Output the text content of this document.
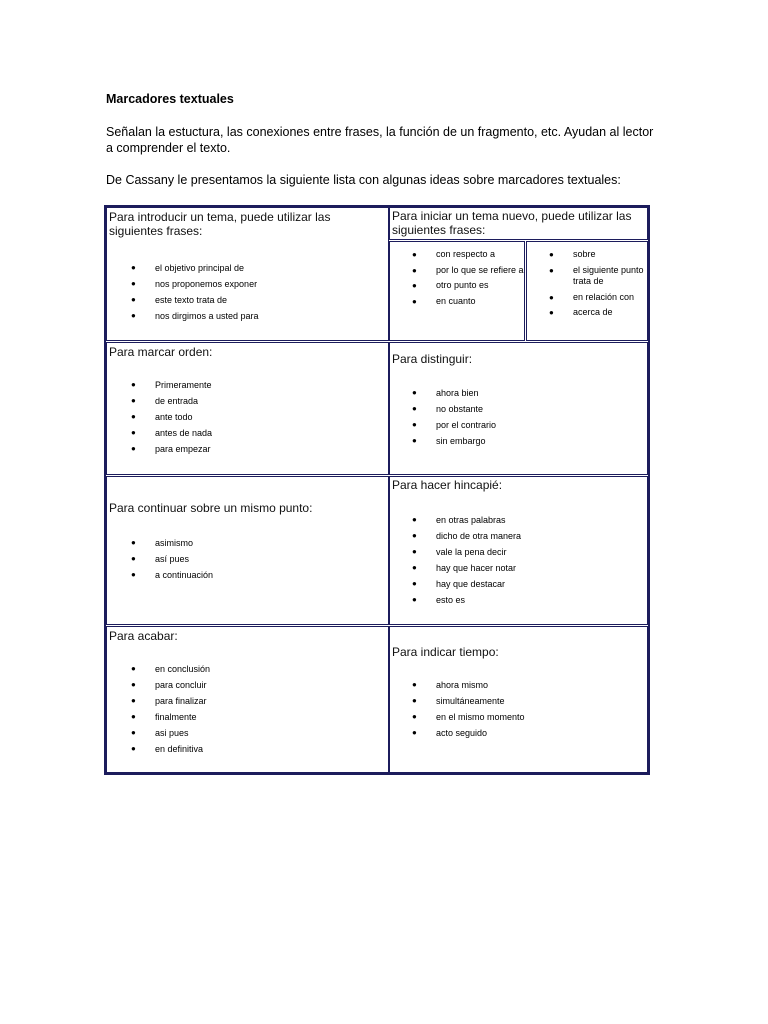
Marcadores textuales
Señalan la estuctura, las conexiones entre frases, la función de un fragmento, etc. Ayudan al lector a comprender el texto.
De Cassany le presentamos la siguiente lista con algunas ideas sobre marcadores textuales:
Para introducir un tema, puede utilizar las siguientes frases:
● el objetivo principal de
● nos proponemos exponer
● este texto trata de
● nos dirgimos a usted para
Para iniciar un tema nuevo, puede utilizar las siguientes frases:
● con respecto a
● por lo que se refiere a
● otro punto es
● en cuanto
● sobre
● el siguiente punto trata de
● en relación con
● acerca de
Para marcar orden:
● Primeramente
● de entrada
● ante todo
● antes de nada
● para empezar
Para distinguir:
● ahora bien
● no obstante
● por el contrario
● sin embargo
Para continuar sobre un mismo punto:
● asimismo
● así pues
● a continuación
Para hacer hincapié:
● en otras palabras
● dicho de otra manera
● vale la pena decir
● hay que hacer notar
● hay que destacar
● esto es
Para acabar:
● en conclusión
● para concluir
● para finalizar
● finalmente
● asi pues
● en definitiva
Para indicar tiempo:
● ahora mismo
● simultáneamente
● en el mismo momento
● acto seguido
